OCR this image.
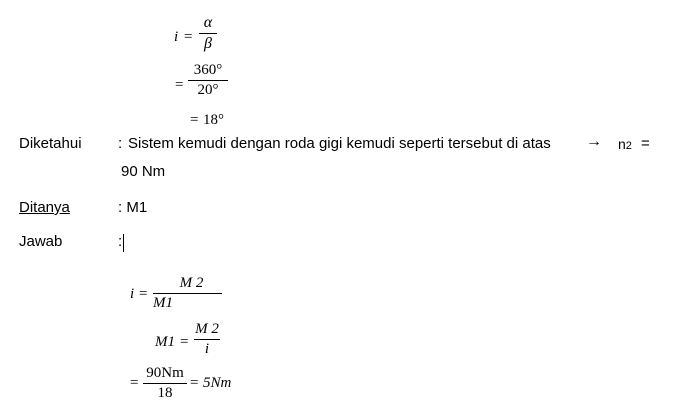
i =
α
β
=
360°
20°
= 18°
Diketahui : Sistem kemudi dengan roda gigi kemudi seperti tersebut di atas → n2 =
90 Nm
Ditanya	: M1
Jawab	:
i =
M 2
M1
M1 =
M 2
i
=
90Nm
18
= 5Nm
